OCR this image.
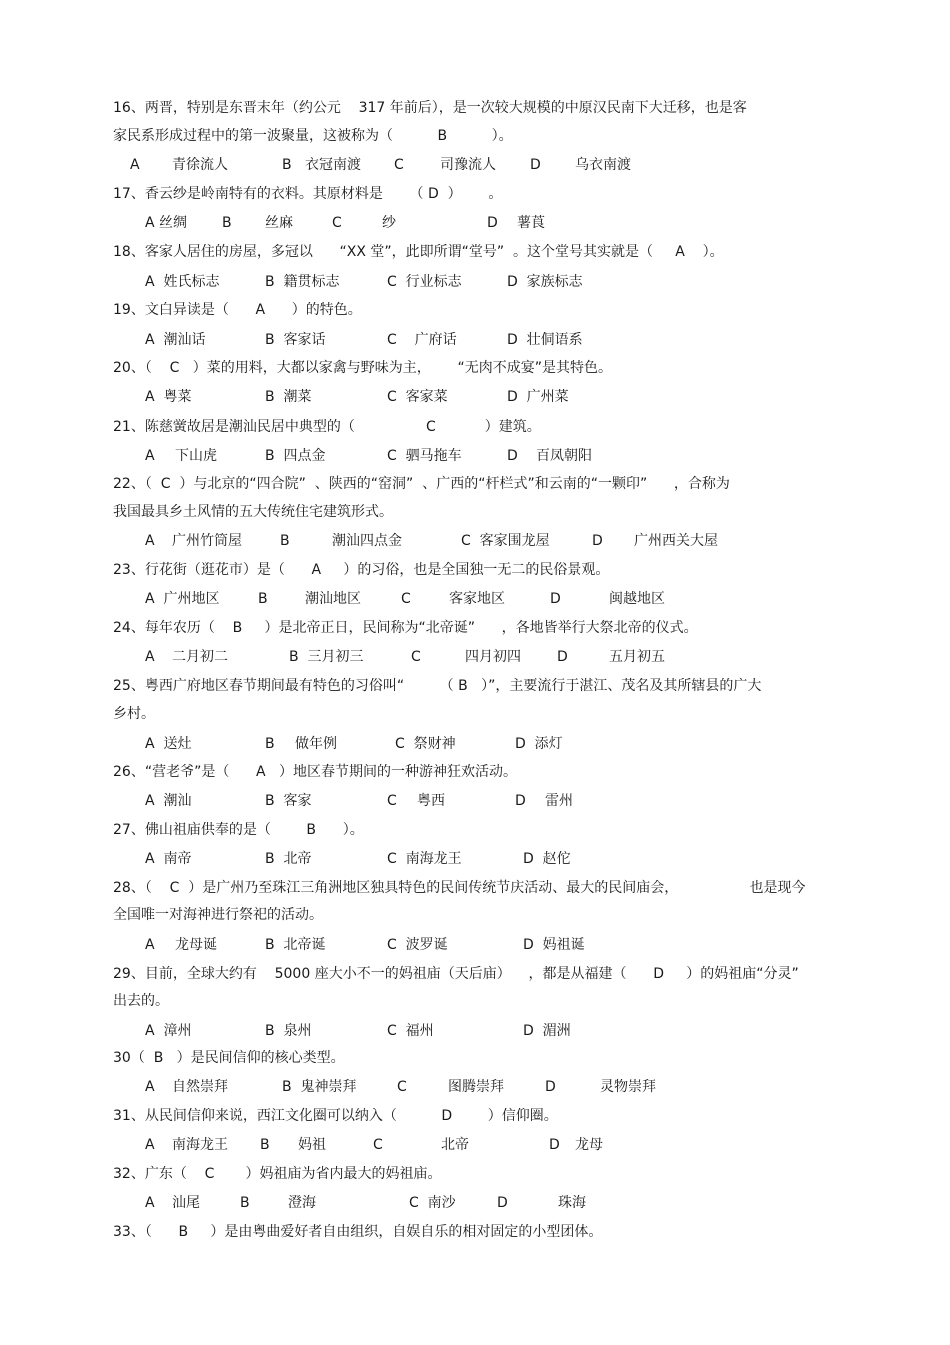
16、两晋，特别是东晋末年（约公元    317 年前后），是一次较大规模的中原汉民南下大迁移，也是客
家民系形成过程中的第一波聚量，这被称为（          B          ）。
A 青徐流人	B 衣冠南渡 C	司豫流人 D 乌衣南渡
17、香云纱是岭南特有的衣料。其原材料是      （ D  ）      。
A 丝绸 B 丝麻	C	纱	D 薯莨
18、客家人居住的房屋，多冠以      “XX 堂”，此即所谓“堂号”  。这个堂号其实就是（     A    ）。
A  姓氏标志	B  籍贯标志	C  行业标志	D  家族标志
19、文白异读是（      A      ）的特色。
A  潮汕话	B  客家话	C    广府话	D  壮侗语系
20、（    C   ）菜的用料，大都以家禽与野味为主，      “无肉不成宴”是其特色。
A  粤菜	B  潮菜	C  客家菜	D  广州菜
21、陈慈黉故居是潮汕民居中典型的（                C           ）建筑。
A 下山虎	B  四点金	C  驷马拖车	D 百凤朝阳
22、（  C  ）与北京的“四合院”  、陕西的“窑洞”  、广西的“杆栏式”和云南的“一颗印”      ，合称为
我国最具乡土风情的五大传统住宅建筑形式。
A 广州竹筒屋	B	潮汕四点金	C  客家围龙屋	D 广州西关大屋
23、行花街（逛花市）是（      A     ）的习俗，也是全国独一无二的民俗景观。
A  广州地区	B	潮汕地区	C	客家地区	D	闽越地区
24、每年农历（    B     ）是北帝正日，民间称为“北帝诞”      ，各地皆举行大祭北帝的仪式。
A 二月初二	B  三月初三	C	四月初四	D	五月初五
25、粤西广府地区春节期间最有特色的习俗叫“        （ B   ）”，主要流行于湛江、茂名及其所辖县的广大
乡村。
A  送灶	B 做年例	C  祭财神	D  添灯
26、“营老爷”是（      A   ）地区春节期间的一种游神狂欢活动。
A  潮汕	B  客家	C 粤西	D 雷州
27、佛山祖庙供奉的是（        B      ）。
A  南帝	B  北帝	C  南海龙王	D  赵佗
28、（    C  ）是广州乃至珠江三角洲地区独具特色的民间传统节庆活动、最大的民间庙会，                也是现今
全国唯一对海神进行祭祀的活动。
A 龙母诞	B  北帝诞	C  波罗诞	D  妈祖诞
29、目前，全球大约有    5000 座大小不一的妈祖庙（天后庙）    ，都是从福建（      D     ）的妈祖庙“分灵”
出去的。
A  漳州	B  泉州	C  福州	D  湄洲
30（  B   ）是民间信仰的核心类型。
A 自然崇拜	B  鬼神崇拜	C	图腾崇拜	D	灵物崇拜
31、从民间信仰来说，西江文化圈可以纳入（          D        ）信仰圈。
A 南海龙王 B 妈祖	C	北帝	D 龙母
32、广东（    C       ）妈祖庙为省内最大的妈祖庙。
A 汕尾	B	澄海	C  南沙	D	珠海
33、（      B     ）是由粤曲爱好者自由组织，自娱自乐的相对固定的小型团体。
